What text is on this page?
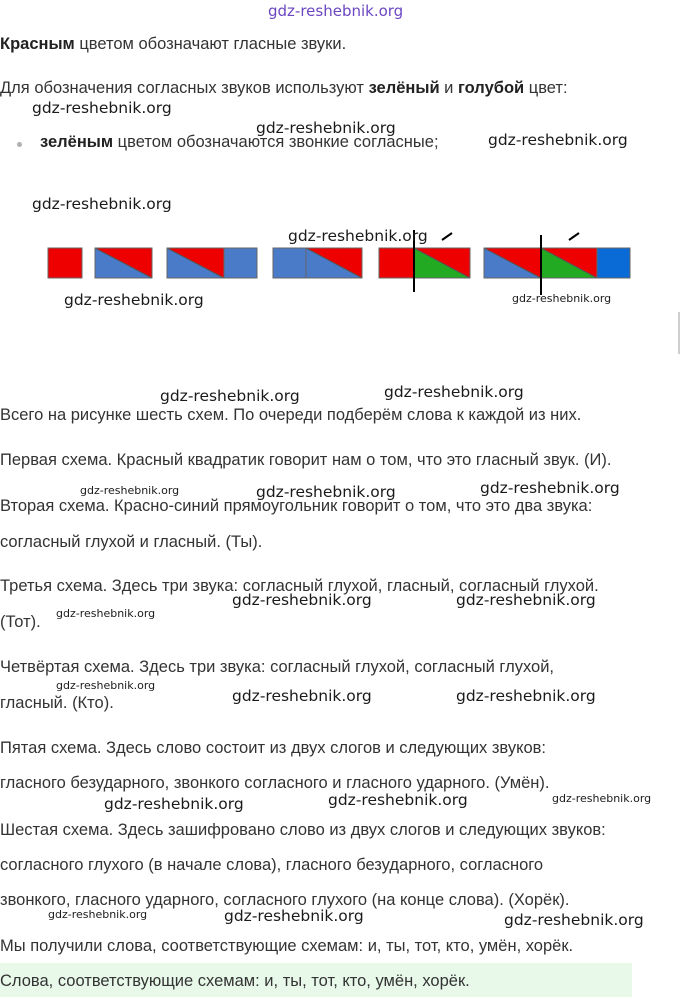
gdz-reshebnik.org
Красным цветом обозначают гласные звуки.
Для обозначения согласных звуков используют зелёный и голубой цвет:
зелёным цветом обозначаются звонкие согласные;
gdz-reshebnik.org
gdz-reshebnik.org
gdz-reshebnik.org
gdz-reshebnik.org
gdz-reshebnik.org
gdz-reshebnik.org	gdz-reshebnik.org
gdz-reshebnik.org	gdz-reshebnik.org
Всего на рисунке шесть схем. По очереди подберём слова к каждой из них.
Первая схема. Красный квадратик говорит нам о том, что это гласный звук. (И).
gdz-reshebnik.org	gdz-reshebnik.org	gdz-reshebnik.org
Вторая схема. Красно-синий прямоугольник говорит о том, что это два звука:
согласный глухой и гласный. (Ты).
Третья схема. Здесь три звука: согласный глухой, гласный, согласный глухой.
gdz-reshebnik.org	gdz-reshebnik.org
gdz-reshebnik.org
(Тот).
Четвёртая схема. Здесь три звука: согласный глухой, согласный глухой,
gdz-reshebnik.org
gdz-reshebnik.org	gdz-reshebnik.org
гласный. (Кто).
Пятая схема. Здесь слово состоит из двух слогов и следующих звуков:
гласного безударного, звонкого согласного и гласного ударного. (Умён).
gdz-reshebnik.org	gdz-reshebnik.org	gdz-reshebnik.org
Шестая схема. Здесь зашифровано слово из двух слогов и следующих звуков:
согласного глухого (в начале слова), гласного безударного, согласного
звонкого, гласного ударного, согласного глухого (на конце слова). (Хорёк).
gdz-reshebnik.org	gdz-reshebnik.org	gdz-reshebnik.org
Мы получили слова, соответствующие схемам: и, ты, тот, кто, умён, хорёк.
Слова, соответствующие схемам: и, ты, тот, кто, умён, хорёк.
